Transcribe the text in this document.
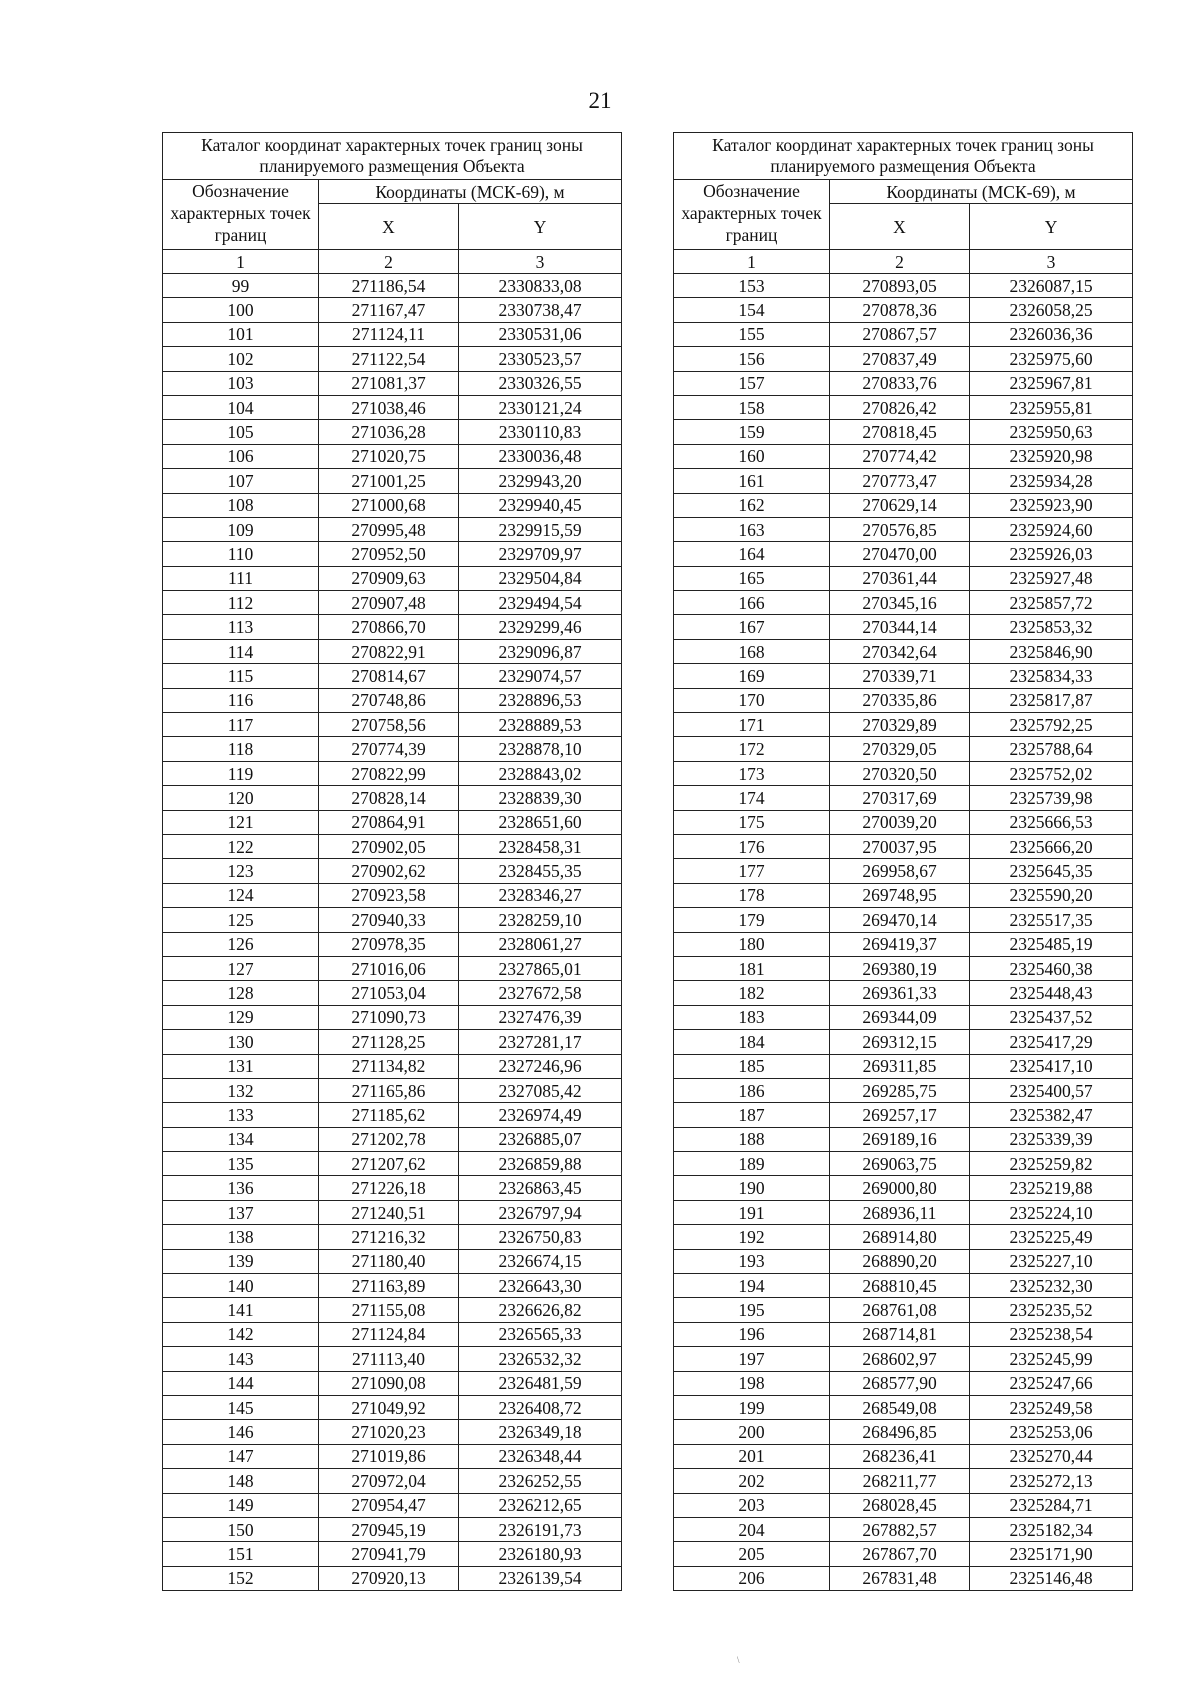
21
Каталог координат характерных точек границ зоны планируемого размещения Объекта		
Обозначение характерных точек границ	Координаты (МСК-69), м	
	X	Y
1	2	3
99	271186,54	2330833,08
100	271167,47	2330738,47
101	271124,11	2330531,06
102	271122,54	2330523,57
103	271081,37	2330326,55
104	271038,46	2330121,24
105	271036,28	2330110,83
106	271020,75	2330036,48
107	271001,25	2329943,20
108	271000,68	2329940,45
109	270995,48	2329915,59
110	270952,50	2329709,97
111	270909,63	2329504,84
112	270907,48	2329494,54
113	270866,70	2329299,46
114	270822,91	2329096,87
115	270814,67	2329074,57
116	270748,86	2328896,53
117	270758,56	2328889,53
118	270774,39	2328878,10
119	270822,99	2328843,02
120	270828,14	2328839,30
121	270864,91	2328651,60
122	270902,05	2328458,31
123	270902,62	2328455,35
124	270923,58	2328346,27
125	270940,33	2328259,10
126	270978,35	2328061,27
127	271016,06	2327865,01
128	271053,04	2327672,58
129	271090,73	2327476,39
130	271128,25	2327281,17
131	271134,82	2327246,96
132	271165,86	2327085,42
133	271185,62	2326974,49
134	271202,78	2326885,07
135	271207,62	2326859,88
136	271226,18	2326863,45
137	271240,51	2326797,94
138	271216,32	2326750,83
139	271180,40	2326674,15
140	271163,89	2326643,30
141	271155,08	2326626,82
142	271124,84	2326565,33
143	271113,40	2326532,32
144	271090,08	2326481,59
145	271049,92	2326408,72
146	271020,23	2326349,18
147	271019,86	2326348,44
148	270972,04	2326252,55
149	270954,47	2326212,65
150	270945,19	2326191,73
151	270941,79	2326180,93
152	270920,13	2326139,54
Каталог координат характерных точек границ зоны планируемого размещения Объекта		
Обозначение характерных точек границ	Координаты (МСК-69), м	
	X	Y
1	2	3
153	270893,05	2326087,15
154	270878,36	2326058,25
155	270867,57	2326036,36
156	270837,49	2325975,60
157	270833,76	2325967,81
158	270826,42	2325955,81
159	270818,45	2325950,63
160	270774,42	2325920,98
161	270773,47	2325934,28
162	270629,14	2325923,90
163	270576,85	2325924,60
164	270470,00	2325926,03
165	270361,44	2325927,48
166	270345,16	2325857,72
167	270344,14	2325853,32
168	270342,64	2325846,90
169	270339,71	2325834,33
170	270335,86	2325817,87
171	270329,89	2325792,25
172	270329,05	2325788,64
173	270320,50	2325752,02
174	270317,69	2325739,98
175	270039,20	2325666,53
176	270037,95	2325666,20
177	269958,67	2325645,35
178	269748,95	2325590,20
179	269470,14	2325517,35
180	269419,37	2325485,19
181	269380,19	2325460,38
182	269361,33	2325448,43
183	269344,09	2325437,52
184	269312,15	2325417,29
185	269311,85	2325417,10
186	269285,75	2325400,57
187	269257,17	2325382,47
188	269189,16	2325339,39
189	269063,75	2325259,82
190	269000,80	2325219,88
191	268936,11	2325224,10
192	268914,80	2325225,49
193	268890,20	2325227,10
194	268810,45	2325232,30
195	268761,08	2325235,52
196	268714,81	2325238,54
197	268602,97	2325245,99
198	268577,90	2325247,66
199	268549,08	2325249,58
200	268496,85	2325253,06
201	268236,41	2325270,44
202	268211,77	2325272,13
203	268028,45	2325284,71
204	267882,57	2325182,34
205	267867,70	2325171,90
206	267831,48	2325146,48
\
